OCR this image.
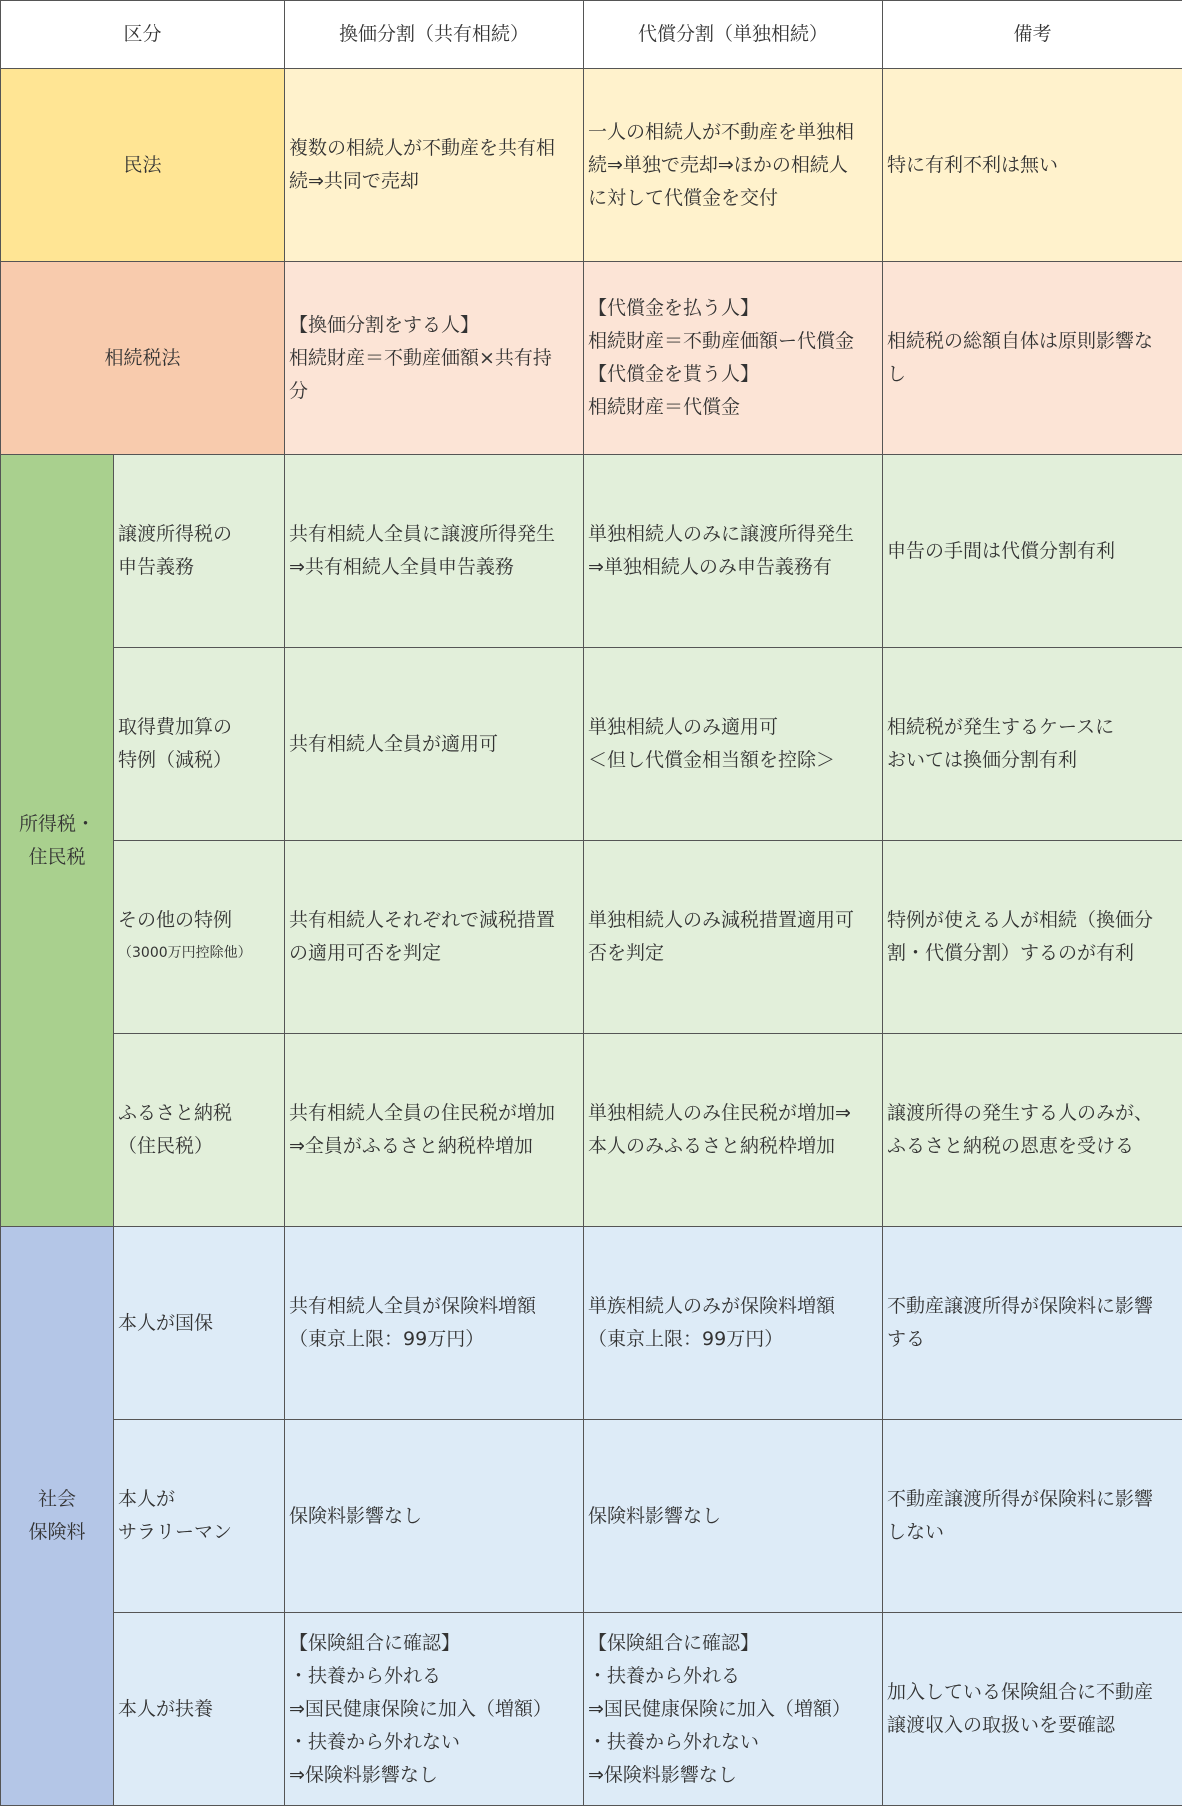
区分		換価分割（共有相続）	代償分割（単独相続）	備考
民法		複数の相続人が不動産を共有相
続⇒共同で売却	一人の相続人が不動産を単独相
続⇒単独で売却⇒ほかの相続人
に対して代償金を交付	特に有利不利は無い

相続税法		【換価分割をする人】
相続財産＝不動産価額×共有持
分	【代償金を払う人】
相続財産＝不動産価額ー代償金
【代償金を貰う人】
相続財産＝代償金	相続税の総額自体は原則影響な
し

所得税・
住民税	譲渡所得税の
申告義務	共有相続人全員に譲渡所得発生
⇒共有相続人全員申告義務	単独相続人のみに譲渡所得発生
⇒単独相続人のみ申告義務有	申告の手間は代償分割有利

	取得費加算の
特例（減税）	共有相続人全員が適用可	単独相続人のみ適用可
＜但し代償金相当額を控除＞	相続税が発生するケースに
おいては換価分割有利

	その他の特例
（3000万円控除他）	共有相続人それぞれで減税措置
の適用可否を判定	単独相続人のみ減税措置適用可
否を判定	特例が使える人が相続（換価分
割・代償分割）するのが有利

	ふるさと納税
（住民税）	共有相続人全員の住民税が増加
⇒全員がふるさと納税枠増加	単独相続人のみ住民税が増加⇒
本人のみふるさと納税枠増加	譲渡所得の発生する人のみが、
ふるさと納税の恩恵を受ける

社会
保険料	本人が国保	共有相続人全員が保険料増額
（東京上限：99万円）	単族相続人のみが保険料増額
（東京上限：99万円）	不動産譲渡所得が保険料に影響
する

	本人が
サラリーマン	保険料影響なし	保険料影響なし	不動産譲渡所得が保険料に影響
しない

	本人が扶養	【保険組合に確認】
・扶養から外れる
⇒国民健康保険に加入（増額）
・扶養から外れない
⇒保険料影響なし	【保険組合に確認】
・扶養から外れる
⇒国民健康保険に加入（増額）
・扶養から外れない
⇒保険料影響なし	加入している保険組合に不動産
譲渡収入の取扱いを要確認
